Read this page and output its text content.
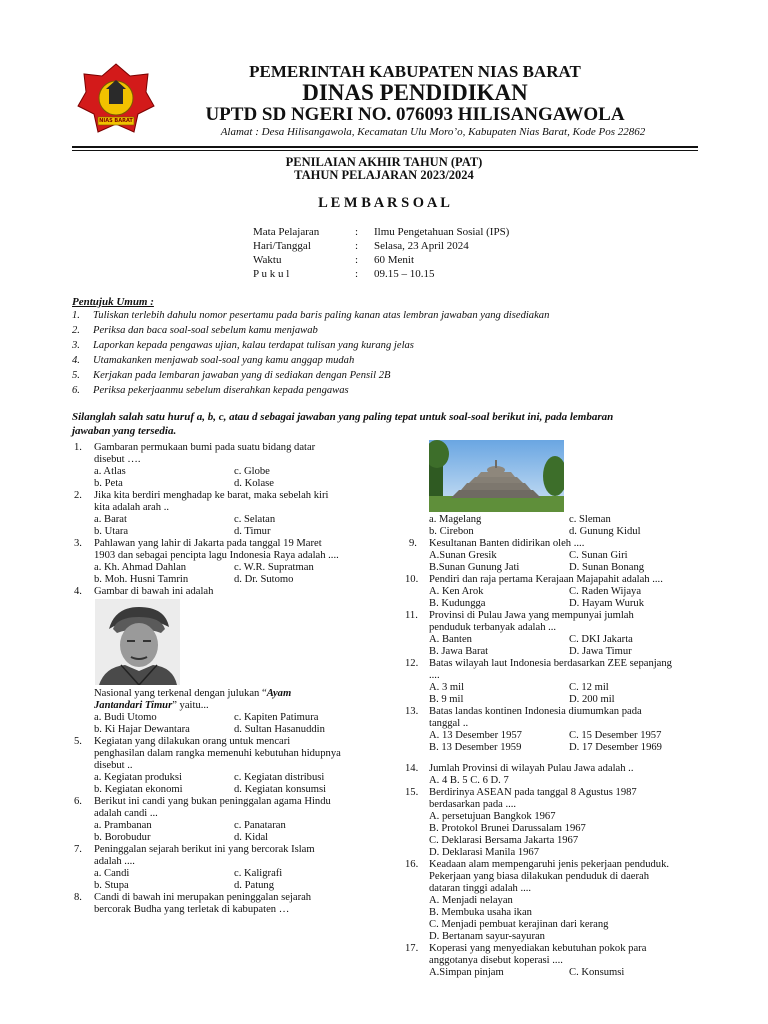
NIAS BARAT
PEMERINTAH KABUPATEN NIAS BARAT
DINAS PENDIDIKAN
UPTD SD NGERI NO. 076093 HILISANGAWOLA
Alamat : Desa Hilisangawola, Kecamatan Ulu Moro’o, Kabupaten Nias Barat, Kode Pos 22862
PENILAIAN AKHIR TAHUN (PAT)
TAHUN PELAJARAN 2023/2024
L E M B A R S O A L
Mata Pelajaran	: Ilmu Pengetahuan Sosial (IPS)
Hari/Tanggal	: Selasa, 23 April 2024
Waktu	: 60 Menit
P u k u l	: 09.15 – 10.15
Pentujuk Umum :
1. Tuliskan terlebih dahulu nomor pesertamu pada baris paling kanan atas lembran jawaban yang disediakan
2. Periksa dan baca soal-soal sebelum kamu menjawab
3. Laporkan kepada pengawas ujian, kalau terdapat tulisan yang kurang jelas
4. Utamakanken menjawab soal-soal yang kamu anggap mudah
5. Kerjakan pada lembaran jawaban yang di sediakan dengan Pensil 2B
6. Periksa pekerjaanmu sebelum diserahkan kepada pengawas
Silanglah salah satu huruf a, b, c, atau d sebagai jawaban yang paling tepat untuk soal-soal berikut ini, pada lembaran
jawaban yang tersedia.
1. Gambaran permukaan bumi pada suatu bidang datar
disebut ….
a. Atlas	c. Globe
b. Peta	d. Kolase
2. Jika kita berdiri menghadap ke barat, maka sebelah kiri
kita adalah arah ..
a. Barat	c. Selatan
b. Utara	d. Timur
3. Pahlawan yang lahir di Jakarta pada tanggal 19 Maret
1903 dan sebagai pencipta lagu Indonesia Raya adalah ....
a. Kh. Ahmad Dahlan	c. W.R. Supratman
b. Moh. Husni Tamrin	d. Dr. Sutomo
4. Gambar di bawah ini adalah
Nasional yang terkenal dengan julukan “Ayam
Jantandari Timur” yaitu...
a. Budi Utomo	c. Kapiten Patimura
b. Ki Hajar Dewantara	d. Sultan Hasanuddin
5. Kegiatan yang dilakukan orang untuk mencari
penghasilan dalam rangka memenuhi kebutuhan hidupnya
disebut ..
a. Kegiatan produksi	c. Kegiatan distribusi
b. Kegiatan ekonomi	d. Kegiatan konsumsi
6. Berikut ini candi yang bukan peninggalan agama Hindu
adalah candi ...
a. Prambanan	c. Panataran
b. Borobudur	d. Kidal
7. Peninggalan sejarah berikut ini yang bercorak Islam
adalah ....
a. Candi	c. Kaligrafi
b. Stupa	d. Patung
8. Candi di bawah ini merupakan peninggalan sejarah
bercorak Budha yang terletak di kabupaten …
a. Magelang	c. Sleman
b. Cirebon	d. Gunung Kidul
9. Kesultanan Banten didirikan oleh ....
A.Sunan Gresik	C. Sunan Giri
B.Sunan Gunung Jati	D. Sunan Bonang
10. Pendiri dan raja pertama Kerajaan Majapahit adalah ....
A. Ken Arok	C. Raden Wijaya
B. Kudungga	D. Hayam Wuruk
11. Provinsi di Pulau Jawa yang mempunyai jumlah
penduduk terbanyak adalah ...
A. Banten	C. DKI Jakarta
B. Jawa Barat	D. Jawa Timur
12. Batas wilayah laut Indonesia berdasarkan ZEE sepanjang
....
A. 3 mil	C. 12 mil
B. 9 mil	D. 200 mil
13. Batas landas kontinen Indonesia diumumkan pada
tanggal ..
A. 13 Desember 1957	C. 15 Desember 1957
B. 13 Desember 1959	D. 17 Desember 1969
14. Jumlah Provinsi di wilayah Pulau Jawa adalah ..
A. 4 B. 5 C. 6 D. 7
15. Berdirinya ASEAN pada tanggal 8 Agustus 1987
berdasarkan pada ....
A. persetujuan Bangkok 1967
B. Protokol Brunei Darussalam 1967
C. Deklarasi Bersama Jakarta 1967
D. Deklarasi Manila 1967
16. Keadaan alam mempengaruhi jenis pekerjaan penduduk.
Pekerjaan yang biasa dilakukan penduduk di daerah
dataran tinggi adalah ....
A. Menjadi nelayan
B. Membuka usaha ikan
C. Menjadi pembuat kerajinan dari kerang
D. Bertanam sayur-sayuran
17. Koperasi yang menyediakan kebutuhan pokok para
anggotanya disebut koperasi ....
A.Simpan pinjam	C. Konsumsi
